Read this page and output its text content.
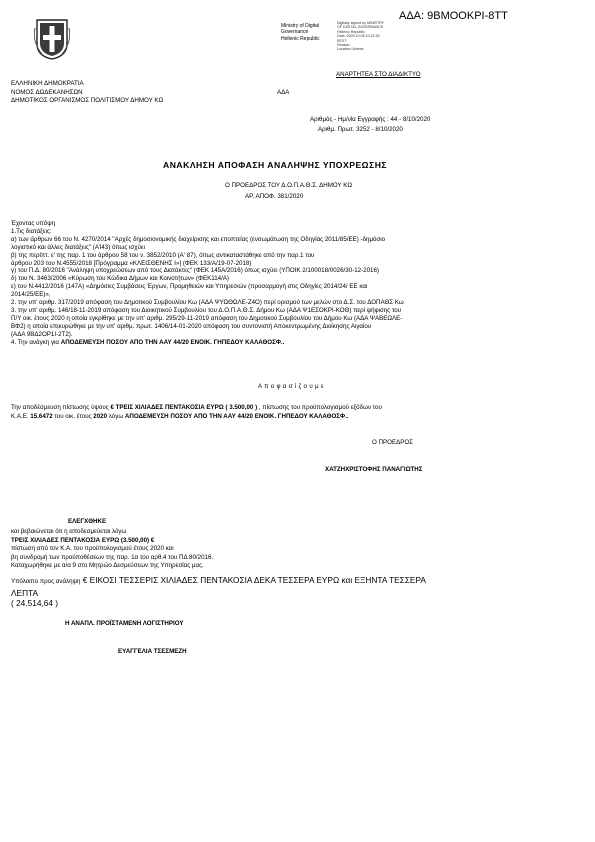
Ministry of Digital
Governance
Hellenic Republic
Digitally signed by MINISTRY
OF DIGITAL GOVERNANCE
Hellenic Republic
Date: 2020.10.08 10:21:30
EEST
Reason:
Location: Athens
ΑΔΑ: 9ΒΜΟΟΚΡΙ-8ΤΤ
ΑΝΑΡΤΗΤΕΑ ΣΤΟ ΔΙΑΔΙΚΤΥΟ
ΕΛΛΗΝΙΚΗ ΔΗΜΟΚΡΑΤΙΑ
ΝΟΜΟΣ ΔΩΔΕΚΑΝΗΣΩΝ
ΔΗΜΟΤΙΚΟΣ ΟΡΓΑΝΙΣΜΟΣ ΠΟΛΙΤΙΣΜΟΥ ΔΗΜΟΥ ΚΩ
ΑΔΑ
Αριθμός - Ημ/νία Εγγραφής : 44 - 8/10/2020
Αριθμ. Πρωτ. 3252 - 8/10/2020
ΑΝΑΚΛΗΣΗ ΑΠΟΦΑΣΗ ΑΝΑΛΗΨΗΣ ΥΠΟΧΡΕΩΣΗΣ
Ο ΠΡΟΕΔΡΟΣ ΤΟΥ Δ.Ο.Π.Α.Θ.Σ. ΔΗΜΟΥ ΚΩ
ΑΡ. ΑΠΟΦ. 381/2020
Έχοντας υπόψη
1.Τις διατάξεις:
α) των άρθρων 66 του Ν. 4270/2014 "Αρχές δημοσιονομικής διαχείρισης και εποπτείας (ενσωμάτωση της Οδηγίας 2011/85/ΕΕ) -δημόσιο
λογιστικό και άλλες διατάξεις" (ΑΊ43) όπως ισχύει
β) της περίπτ. ε' της παρ. 1 του άρθρου 58 του ν. 3852/2010 (Α' 87), όπως αντικαταστάθηκε από την παρ.1 του
άρθρου 203 του Ν.4555/2018 [Πρόγραμμα «ΚΛΕΙΣΘΕΝΗΣ Ι»] (ΦΕΚ 133/Α/19-07-2018)
γ) του Π.Δ. 80/2016 "Ανάληψη υποχρεώσεων από τους Διατάκτες" (ΦΕΚ 145Α/2016) όπως ισχύει (ΥΠΟΙΚ 2/100018/0026/30-12-2016)
δ) του Ν. 3463/2006 «Κύρωση του Κώδικα Δήμων και Κοινοτήτων» (ΦΕΚ114/Α)
ε) του Ν.4412/2016 (147Α) «Δημόσιες Συμβάσεις Έργων, Προμηθειών και Υπηρεσιών (προσαρμογή στις Οδηγίες 2014/24/ ΕΕ και
2014/25/ΕΕ)»,
2. την υπ' αριθμ. 317/2019 απόφαση του Δημοτικού Συμβουλίου Κω (ΑΔΑ ΨΥΩΘΩΛΕ-Ζ4Ο) περί ορισμού των μελών στο Δ.Σ. του ΔΟΠΑΘΣ Κω
3. την υπ' αριθμ. 146/18-11-2019 απόφαση του Διοικητικού Συμβουλίου του Δ.Ο.Π.Α.Θ.Σ. Δήμου Κω (ΑΔΑ Ψ1ΕΣΟΚΡΙ-ΚΟΘ) περί ψήφισης του
Π/Υ οικ. έτους 2020 η οποία εγκρίθηκε με την υπ' αριθμ. 295/29-11-2019 απόφαση του Δημοτικού Συμβουλίου του Δήμου Κω (ΑΔΑ ΨΑΒΕΩΛΕ-
ΒΦ2) η οποία επικυρώθηκε με την υπ' αριθμ. πρωτ. 1406/14-01-2020 απόφαση του συντονιστή Αποκεντρωμένης Διοίκησης Αιγαίου
(ΑΔΑ 9ΒΔ2ΟΡ1Ι-2Τ2).
4. Την ανάγκη για ΑΠΟΔΕΜΕΥΣΗ ΠΟΣΟΥ ΑΠΟ ΤΗΝ ΑΑΥ 44/20 ΕΝΟΙΚ. ΓΗΠΕΔΟΥ ΚΑΛΑΘΟΣΦ..
Α π ο φ α σ ί ζ ο υ μ ε
Την αποδέσμευση πίστωσης ύψους € ΤΡΕΙΣ ΧΙΛΙΑΔΕΣ ΠΕΝΤΑΚΟΣΙΑ ΕΥΡΩ ( 3.500,00 ) , πίστωσης του προϋπολογισμού εξόδων του
Κ.Α.Ε. 15.6472 του οικ. έτους 2020 λόγω ΑΠΟΔΕΜΕΥΣΗ ΠΟΣΟΥ ΑΠΟ ΤΗΝ ΑΑΥ 44/20 ΕΝΟΙΚ. ΓΗΠΕΔΟΥ ΚΑΛΑΘΟΣΦ..
Ο ΠΡΟΕΔΡΟΣ
ΧΑΤΖΗΧΡΙΣΤΟΦΗΣ ΠΑΝΑΓΙΩΤΗΣ
ΕΛΕΓΧΘΗΚΕ
και βεβαιώνεται ότι η αποδεσμεύεται λόγω
ΤΡΕΙΣ ΧΙΛΙΑΔΕΣ ΠΕΝΤΑΚΟΣΙΑ ΕΥΡΩ (3.500,00) €
πίστωση από τον Κ.Α. του προϋπολογισμού έτους 2020 και
βη συνδρομή των προϋποθέσεων της παρ. 1α του αρθ.4 του ΠΔ 80/2016.
Καταχωρήθηκε με α/α 9 στο Μητρώο Δεσμεύσεων της Υπηρεσίας μας.
Υπόλοιπο προς ανάληψη € ΕΙΚΟΣΙ ΤΕΣΣΕΡΙΣ ΧΙΛΙΑΔΕΣ ΠΕΝΤΑΚΟΣΙΑ ΔΕΚΑ ΤΕΣΣΕΡΑ ΕΥΡΩ και ΕΞΗΝΤΑ ΤΕΣΣΕΡΑ
ΛΕΠΤΑ
( 24.514,64 )
Η ΑΝΑΠΛ. ΠΡΟΪΣΤΑΜΕΝΗ ΛΟΓΙΣΤΗΡΙΟΥ
ΕΥΑΓΓΕΛΙΑ ΤΣΕΣΜΕΖΗ
